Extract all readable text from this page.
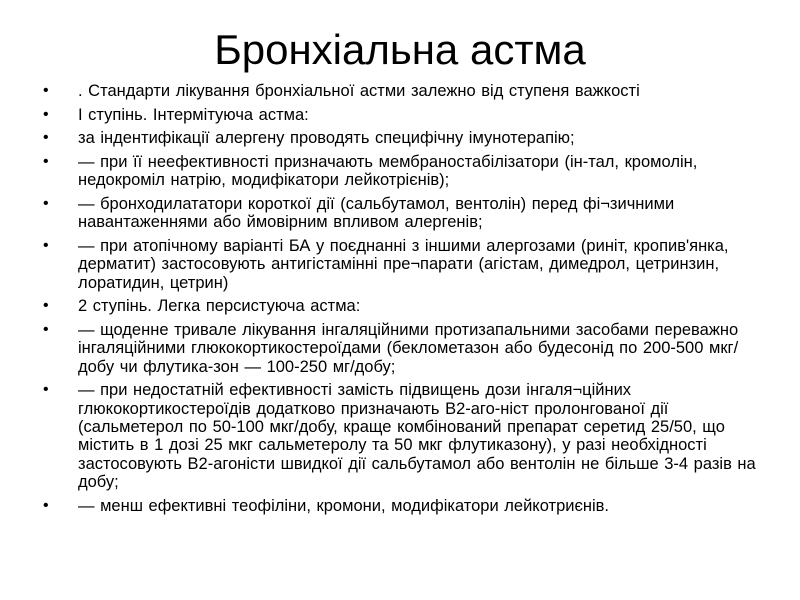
Бронхіальна астма
• . Стандарти лікування бронхіальної астми залежно від ступеня важкості
• І ступінь. Інтермітуюча астма:
• за індентифікації алергену проводять специфічну імунотерапію;
• — при її неефективності призначають мембраностабілізатори (ін-тал, кромолін, недокроміл натрію, модифікатори лейкотрієнів);
• — бронходилататори короткої дії (сальбутамол, вентолін) перед фі¬зичними навантаженнями або ймовірним впливом алергенів;
• — при атопічному варіанті БА у поєднанні з іншими алергозами (риніт, кропив'янка, дерматит) застосовують антигістамінні пре¬парати (агістам, димедрол, цетринзин, лоратидин, цетрин)
• 2 ступінь. Легка персистуюча астма:
• — щоденне тривале лікування інгаляційними протизапальними засобами переважно інгаляційними глюкокортикостероїдами (беклометазон або будесонід по 200-500 мкг/добу чи флутика-зон — 100-250 мг/добу;
• — при недостатній ефективності замість підвищень дози інгаля¬ційних глюкокортикостероїдів додатково призначають В2-аго-ніст пролонгованої дії (сальметерол по 50-100 мкг/добу, краще комбінований препарат серетид 25/50, що містить в 1 дозі 25 мкг сальметеролу та 50 мкг флутиказону), у разі необхідності застосовують В2-агоністи швидкої дії сальбутамол або вентолін не більше 3-4 разів на добу;
• — менш ефективні теофіліни, кромони, модифікатори лейкотриєнів.
